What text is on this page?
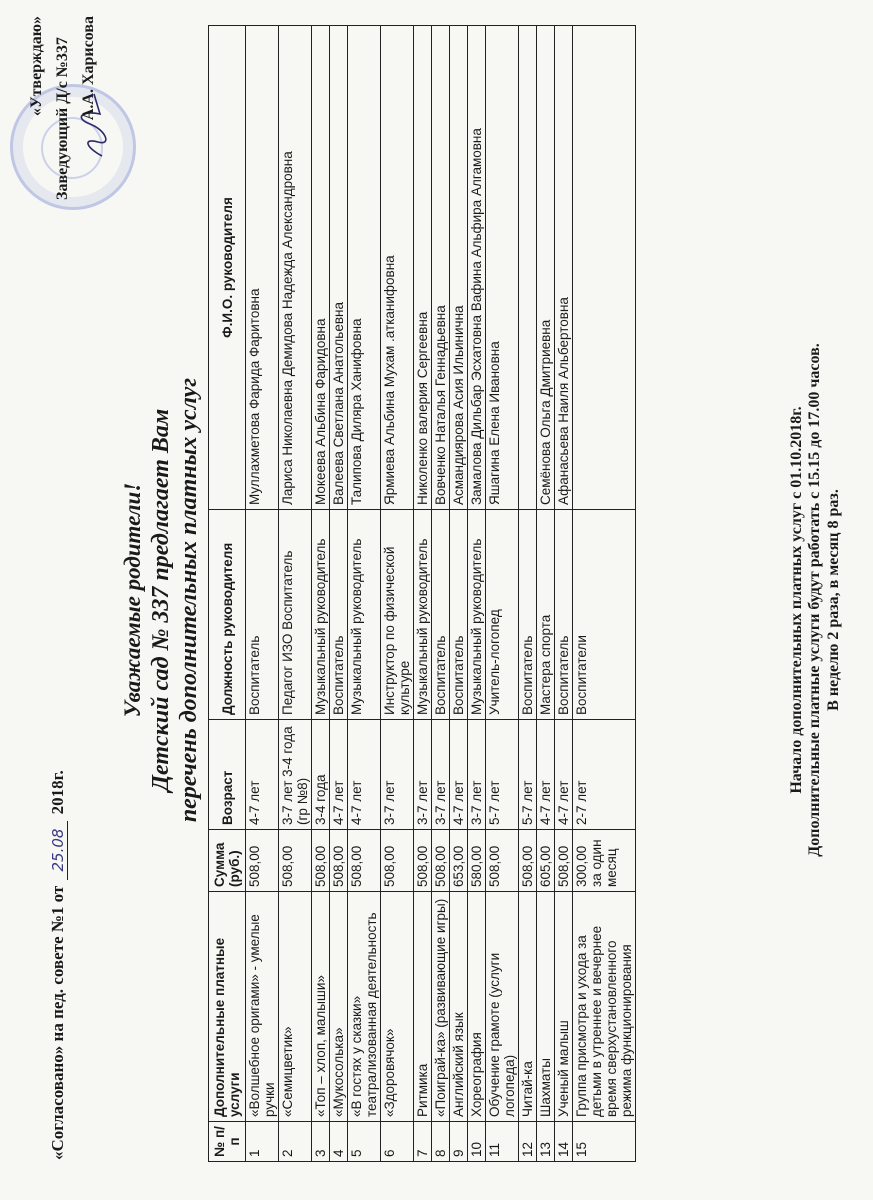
«Согласовано» на пед. совете №1 от 25.08 2018г.
«Утверждаю» Заведующий Д/с №337 А.А. Харисова
Уважаемые родители! Детский сад № 337 предлагает Вам перечень дополнительных платных услуг
№ п/п	Дополнительные платные услуги	Сумма (руб.)	Возраст	Должность руководителя	Ф.И.О. руководителя
1	«Волшебное оригами» - умелые ручки	508,00	4-7 лет	Воспитатель	Муллахметова Фарида Фаритовна
2	«Семицветик»	508,00	3-7 лет 3-4 года (гр №8)	Педагог ИЗО Воспитатель	Лариса Николаевна Демидова Надежда Александровна
3	«Топ – хлоп, малыши»	508,00	3-4 года	Музыкальный руководитель	Мокеева Альбина Фаридовна
4	«Мукосолька»	508,00	4-7 лет	Воспитатель	Валеева Светлана Анатольевна
5	«В гостях у сказки» театрализованная деятельность	508,00	4-7 лет	Музыкальный руководитель	Талипова Диляра Ханифовна
6	«Здоровячок»	508,00	3-7 лет	Инструктор по физической культуре	Ярмиева Альбина Мухам .атканифовна
7	Ритмика	508,00	3-7 лет	Музыкальный руководитель	Николенко валерия Сергеевна
8	«Поиграй-ка» (развивающие игры)	508,00	3-7 лет	Воспитатель	Вовченко Наталья Геннадьевна
9	Английский язык	653,00	4-7 лет	Воспитатель	Асмандиярова Асия Ильинична
10	Хореография	580,00	3-7 лет	Музыкальный руководитель	Замалова Дильбар Эсхатовна Вафина Альфира Алгамовна
11	Обучение грамоте (услуги логопеда)	508,00	5-7 лет	Учитель-логопед	Яшагина Елена Ивановна
12	Читай-ка	508,00	5-7 лет	Воспитатель	
13	Шахматы	605,00	4-7 лет	Мастера спорта	Семёнова Ольга Дмитриевна
14	Ученый малыш	508,00	4-7 лет	Воспитатель	Афанасьева Наиля Альбертовна
15	Группа присмотра и ухода за детьми в утреннее и вечернее время сверхустановленного режима функционирования	300,00 за один месяц	2-7 лет	Воспитатели		Начало дополнительных платных услуг с 01.10.2018г. Дополнительные платные услуги будут работать с 15.15 до 17.00 часов. В неделю 2 раза, в месяц 8 раз.
